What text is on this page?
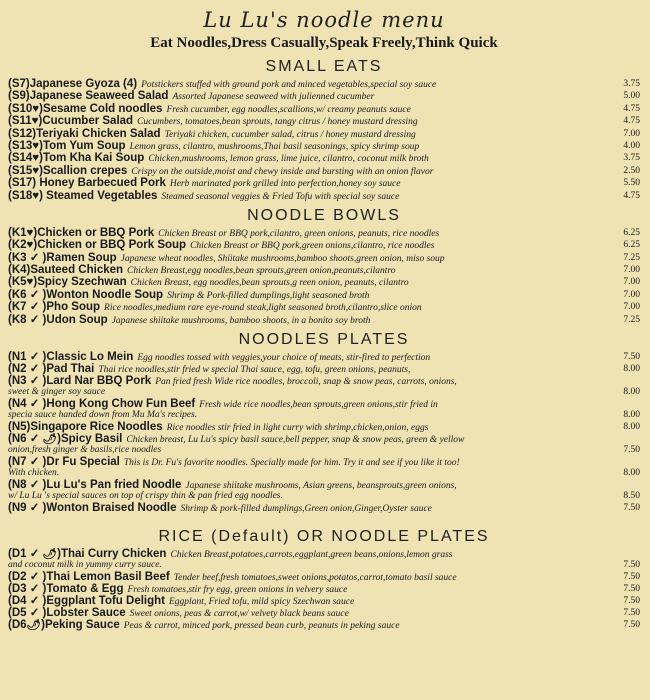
Lu Lu's noodle menu
Eat Noodles,Dress Casually,Speak Freely,Think Quick
SMALL EATS
(S7)Japanese Gyoza (4) Potstickers stuffed with ground pork and minced vegetables,special soy sauce	3.75
(S9)Japanese Seaweed Salad Assorted Japanese seaweed with julienned cucumber	5.00
(S10♥)Sesame Cold noodles Fresh cucumber, egg noodles,scallions,w/ creamy peanuts sauce	4.75
(S11♥)Cucumber Salad Cucumbers, tomatoes,bean sprouts, tangy citrus / honey mustard dressing	4.75
(S12)Teriyaki Chicken Salad Teriyaki chicken, cucumber salad, citrus / honey mustard dressing	7.00
(S13♥)Tom Yum Soup Lemon grass, cilantro, mushrooms,Thai basil seasonings, spicy shrimp soup	4.00
(S14♥)Tom Kha Kai Soup Chicken,mushrooms, lemon grass, lime juice, cilantro, coconut milk broth	3.75
(S15♥)Scallion crepes Crispy on the outside,moist and chewy inside and bursting with an onion flavor	2.50
(S17) Honey Barbecued Pork Herb marinated pork grilled into perfection,honey soy sauce	5.50
(S18♥) Steamed Vegetables Steamed seasonal veggies & Fried Tofu with special soy sauce	4.75
NOODLE BOWLS
(K1♥)Chicken or BBQ Pork Chicken Breast or BBQ pork,cilantro, green onions, peanuts, rice noodles	6.25
(K2♥)Chicken or BBQ Pork Soup Chicken Breast or BBQ pork,green onions,cilantro, rice noodles	6.25
(K3 ✓ )Ramen Soup Japanese wheat noodles, Shiitake mushrooms,bamboo shoots,green onion, miso soup	7.25
(K4)Sauteed Chicken Chicken Breast,egg noodles,bean sprouts,green onion,peanuts,cilantro	7.00
(K5♥)Spicy Szechwan Chicken Breast, egg noodles,bean sprouts,g reen onion, peanuts, cilantro	7.00
(K6 ✓ )Wonton Noodle Soup Shrimp & Pork-filled dumplings,light seasoned broth	7.00
(K7 ✓ )Pho Soup Rice noodles,medium rare eye-round steak,light seasoned broth,cilantro,slice onion	7.00
(K8 ✓ )Udon Soup Japanese shiitake mushrooms, bamboo shoots, in a bonito soy broth	7.25
NOODLES PLATES
(N1 ✓ )Classic Lo Mein Egg noodles tossed with veggies,your choice of meats, stir-fired to perfection	7.50
(N2 ✓ )Pad Thai Thai rice noodles,stir fried w special Thai sauce, egg, tofu, green onions, peanuts,	8.00
(N3 ✓ )Lard Nar BBQ Pork Pan fried fresh Wide rice noodles, broccoli, snap & snow peas, carrots, onions,
sweet & ginger soy sauce	8.00
(N4 ✓ )Hong Kong Chow Fun Beef Fresh wide rice noodles,bean sprouts,green onions,stir fried in
specia sauce handed down from Mu Ma's recipes.	8.00
(N5)Singapore Rice Noodles Rice noodles stir fried in light curry with shrimp,chicken,onion, eggs	8.00
(N6 ✓ 🌶)Spicy Basil Chicken breast, Lu Lu's spicy basil sauce,bell pepper, snap & snow peas, green & yellow
onion,fresh ginger & basils,rice noodles	7.50
(N7 ✓ )Dr Fu Special This is Dr. Fu's favorite noodles. Specially made for him. Try it and see if you like it too!
With chicken.	8.00
(N8 ✓ )Lu Lu's Pan fried Noodle Japanese shiitake mushrooms, Asian greens, beansprouts,green onions,
w/ Lu Lu 's special sauces on top of crispy thin & pan fried egg noodles.	8.50
(N9 ✓ )Wonton Braised Noodle Shrimp & pork-filled dumplings,Green onion,Ginger,Oyster sauce	7.50
RICE (Default) OR NOODLE PLATES
(D1 ✓ 🌶)Thai Curry Chicken Chicken Breast,potatoes,carrots,eggplant,green beans,onions,lemon grass
and coconut milk in yummy curry sauce.	7.50
(D2 ✓ )Thai Lemon Basil Beef Tender beef,fresh tomatoes,sweet onions,potatos,carrot,tomato basil sauce	7.50
(D3 ✓ )Tomato & Egg Fresh tomatoes,stir fry egg, green onions in velvery sauce	7.50
(D4 ✓ )Eggplant Tofu Delight Eggplant, Fried tofu, mild spicy Szechwan sauce	7.50
(D5 ✓ )Lobster Sauce Sweet onions, peas & carrot,w/ velvety black beans sauce	7.50
(D6🌶)Peking Sauce Peas & carrot, minced pork, pressed bean curb, peanuts in peking sauce	7.50
